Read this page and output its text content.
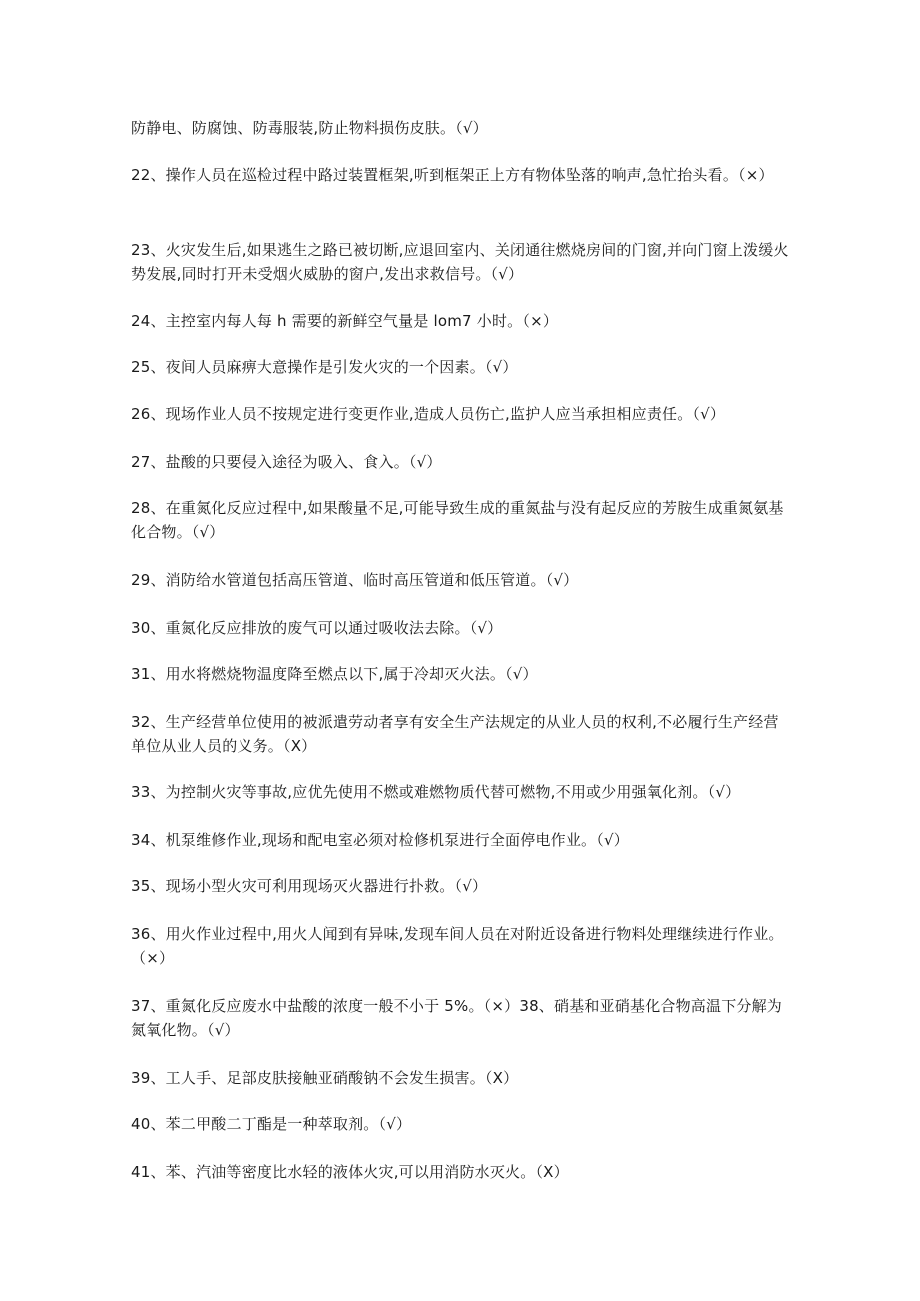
防静电、防腐蚀、防毒服装,防止物料损伤皮肤。（√）
22、操作人员在巡检过程中路过装置框架,听到框架正上方有物体坠落的响声,急忙抬头看。（×）
23、火灾发生后,如果逃生之路已被切断,应退回室内、关闭通往燃烧房间的门窗,并向门窗上泼缓火势发展,同时打开未受烟火威胁的窗户,发出求救信号。（√）
24、主控室内每人每 h 需要的新鲜空气量是 lom7 小时。（×）
25、夜间人员麻痹大意操作是引发火灾的一个因素。（√）
26、现场作业人员不按规定进行变更作业,造成人员伤亡,监护人应当承担相应责任。（√）
27、盐酸的只要侵入途径为吸入、食入。（√）
28、在重氮化反应过程中,如果酸量不足,可能导致生成的重氮盐与没有起反应的芳胺生成重氮氨基化合物。（√）
29、消防给水管道包括高压管道、临时高压管道和低压管道。（√）
30、重氮化反应排放的废气可以通过吸收法去除。（√）
31、用水将燃烧物温度降至燃点以下,属于冷却灭火法。（√）
32、生产经营单位使用的被派遣劳动者享有安全生产法规定的从业人员的权利,不必履行生产经营单位从业人员的义务。（X）
33、为控制火灾等事故,应优先使用不燃或难燃物质代替可燃物,不用或少用强氧化剂。（√）
34、机泵维修作业,现场和配电室必须对检修机泵进行全面停电作业。（√）
35、现场小型火灾可利用现场灭火器进行扑救。（√）
36、用火作业过程中,用火人闻到有异味,发现车间人员在对附近设备进行物料处理继续进行作业。（×）
37、重氮化反应废水中盐酸的浓度一般不小于 5%。（×）38、硝基和亚硝基化合物高温下分解为氮氧化物。（√）
39、工人手、足部皮肤接触亚硝酸钠不会发生损害。（X）
40、苯二甲酸二丁酯是一种萃取剂。（√）
41、苯、汽油等密度比水轻的液体火灾,可以用消防水灭火。（X）
